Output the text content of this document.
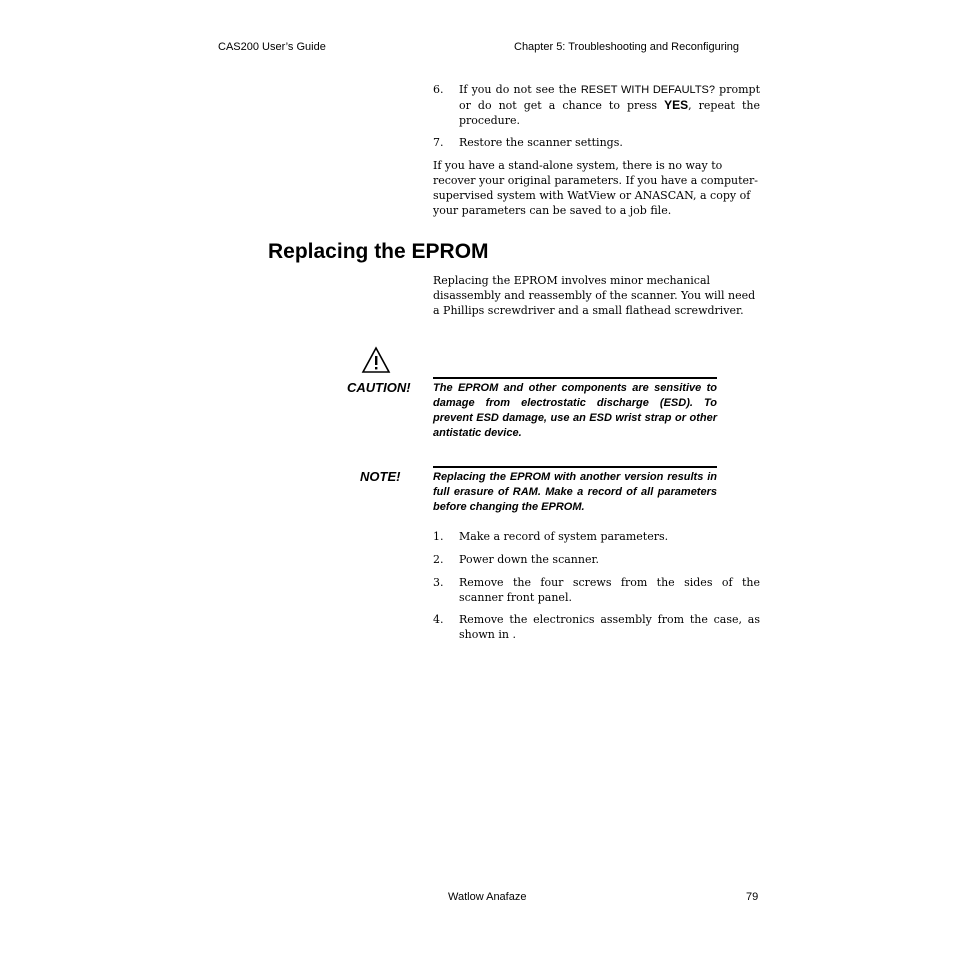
CAS200 User’s Guide	Chapter 5: Troubleshooting and Reconfiguring
6.	If you do not see the RESET WITH DEFAULTS? prompt or do not get a chance to press YES, repeat the procedure.
7.	Restore the scanner settings.
If you have a stand-alone system, there is no way to recover your original parameters. If you have a computer-supervised system with WatView or ANASCAN, a copy of your parameters can be saved to a job file.
Replacing the EPROM
Replacing the EPROM involves minor mechanical disassembly and reassembly of the scanner. You will need a Phillips screwdriver and a small flathead screwdriver.
CAUTION! The EPROM and other components are sensitive to damage from electrostatic discharge (ESD). To prevent ESD damage, use an ESD wrist strap or other antistatic device.
NOTE!	Replacing the EPROM with another version results in full erasure of RAM. Make a record of all parameters before changing the EPROM.
1.	Make a record of system parameters.
2.	Power down the scanner.
3.	Remove the four screws from the sides of the scanner front panel.
4.	Remove the electronics assembly from the case, as shown in .
Watlow Anafaze	79
